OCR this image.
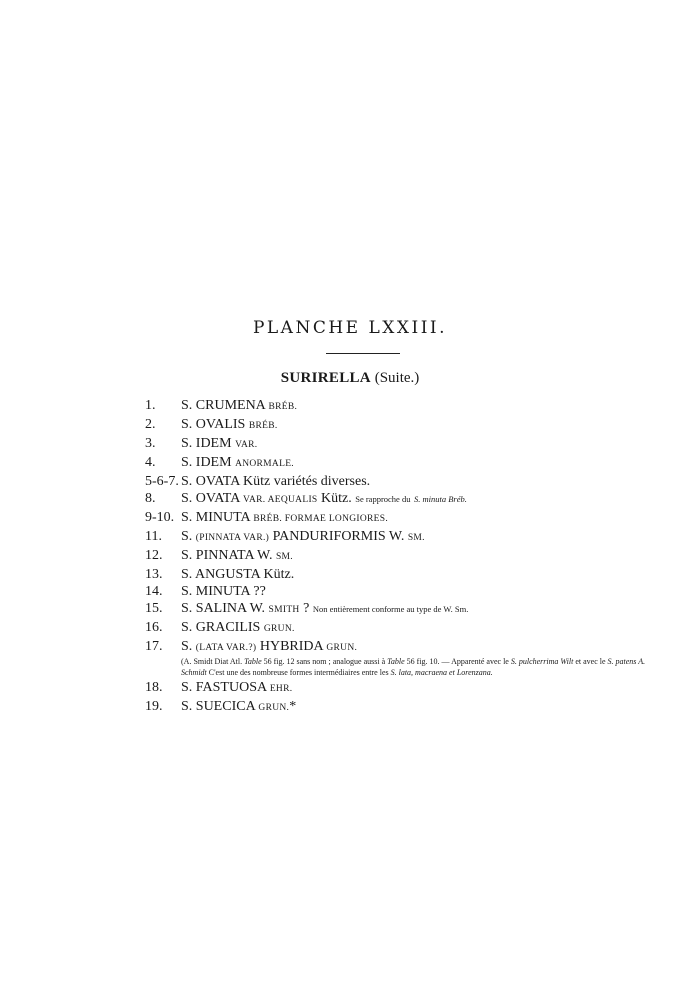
PLANCHE LXXIII.
SURIRELLA (Suite.)
1.	S. CRUMENA BRÉB.
2.	S. OVALIS BRÉB.
3.	S. IDEM VAR.
4.	S. IDEM ANORMALE.
5-6-7. S. OVATA Kütz variétés diverses.
8.	S. OVATA VAR. AEQUALIS Kütz. Se rapproche du S. minuta Bréb.
9-10. S. MINUTA BRÉB. FORMAE LONGIORES.
11.	S. (PINNATA VAR.) PANDURIFORMIS W. SM.
12.	S. PINNATA W. SM.
13.	S. ANGUSTA Kütz.
14.	S. MINUTA ??
15.	S. SALINA W. SMITH ? Non entièrement conforme au type de W. Sm.
16.	S. GRACILIS GRUN.
17.	S. (LATA VAR.?) HYBRIDA GRUN.
(A. Smidt Diat Atl. Table 56 fig. 12 sans nom ; analogue aussi à Table 56 fig. 10. — Apparenté avec le S. pulcherrima Wilt et avec le S. patens A. Schmidt C'est une des nombreuse formes intermédiaires entre les S. lata, macraena et Lorenzana.
18.	S. FASTUOSA EHR.
19.	S. SUECICA GRUN.*
